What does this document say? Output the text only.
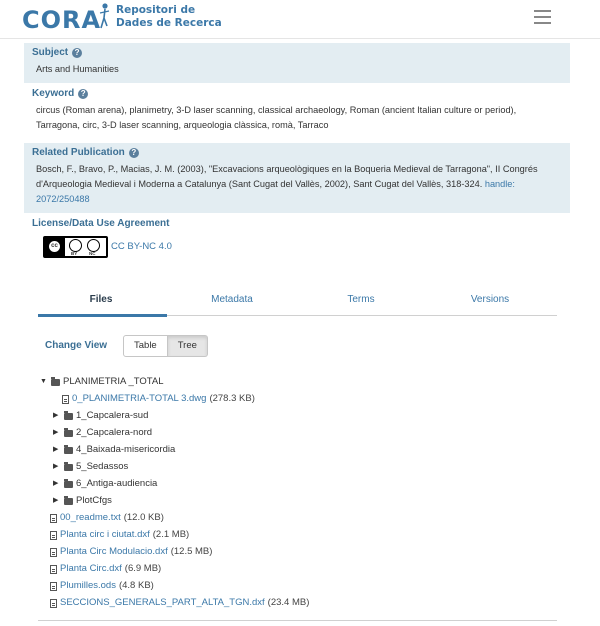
CORA Repositori de
Dades de Recerca
Subject ?
Arts and Humanities
Keyword ?
circus (Roman arena), planimetry, 3-D laser scanning, classical archaeology, Roman (ancient Italian culture or period),
Tarragona, circ, 3-D laser scanning, arqueologia clàssica, romà, Tarraco
Related Publication ?
Bosch, F., Bravo, P., Macias, J. M. (2003), "Excavacions arqueològiques en la Boqueria Medieval de Tarragona", II Congrés
d'Arqueologia Medieval i Moderna a Catalunya (Sant Cugat del Vallès, 2002), Sant Cugat del Vallès, 318-324. handle:
2072/250488
License/Data Use Agreement
cc
BY	NC
CC BY-NC 4.0
Files	Metadata	Terms	Versions
Change View	Table	Tree
▼ PLANIMETRIA _TOTAL
0_PLANIMETRIA-TOTAL 3.dwg (278.3 KB)
▶ 1_Capcalera-sud
▶ 2_Capcalera-nord
▶ 4_Baixada-misericordia
▶ 5_Sedassos
▶ 6_Antiga-audiencia
▶ PlotCfgs
00_readme.txt (12.0 KB)
Planta circ i ciutat.dxf (2.1 MB)
Planta Circ Modulacio.dxf (12.5 MB)
Planta Circ.dxf (6.9 MB)
Plumilles.ods (4.8 KB)
SECCIONS_GENERALS_PART_ALTA_TGN.dxf (23.4 MB)
